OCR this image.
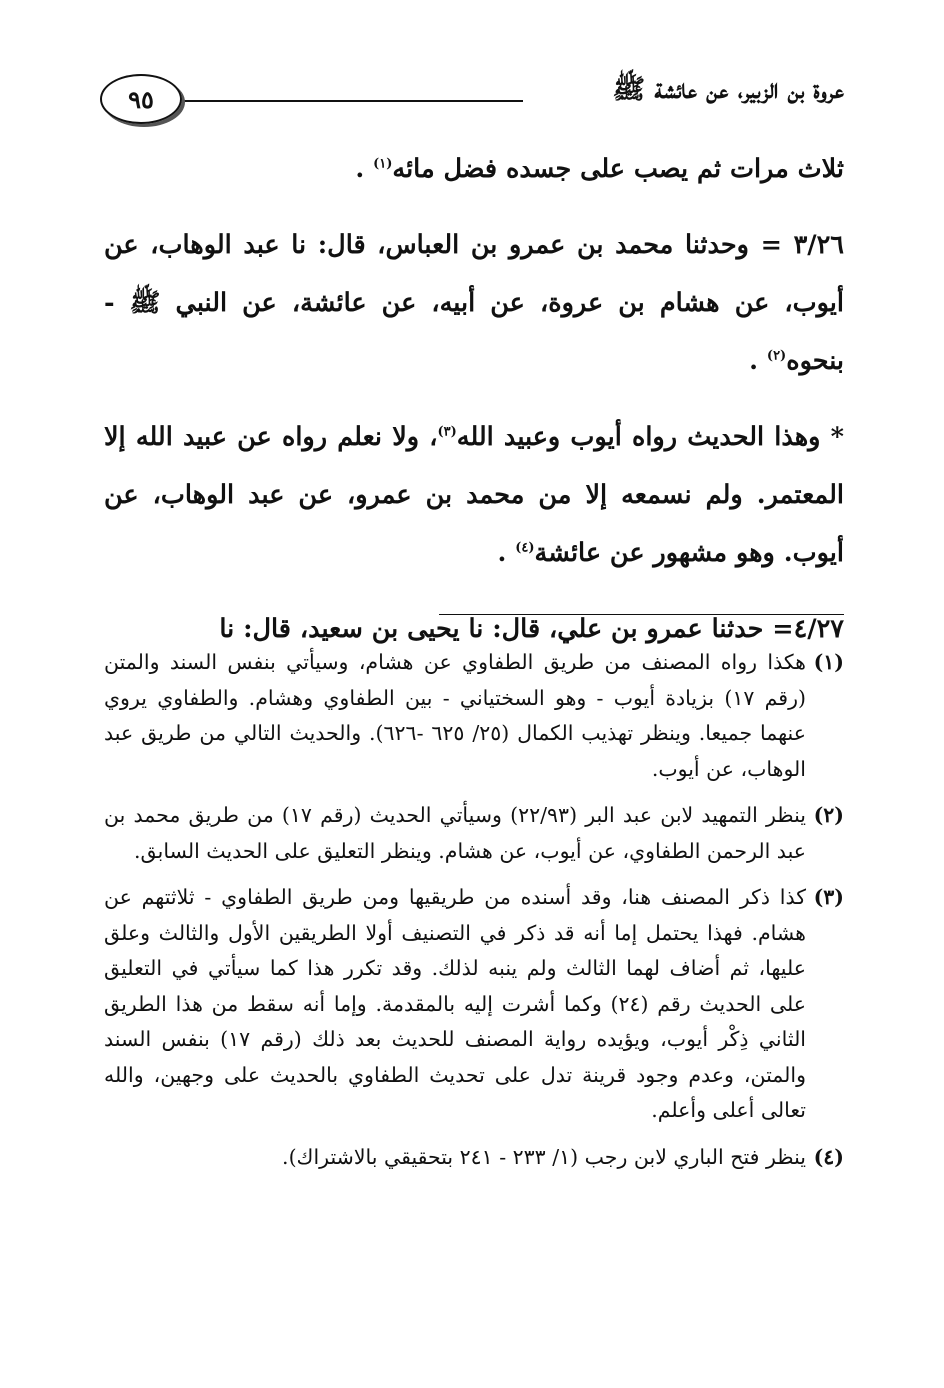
عروة بن الزبير، عن عائشة ﷺ
٩٥

ثلاث مرات ثم يصب على جسده فضل مائه$^{(١)}$ .

٣/٢٦ = وحدثنا محمد بن عمرو بن العباس، قال: نا عبد الوهاب، عن أيوب، عن هشام بن عروة، عن أبيه، عن عائشة، عن النبي ﷺ - بنحوه$^{(٢)}$ .

* وهذا الحديث رواه أيوب وعبيد الله$^{(٣)}$، ولا نعلم رواه عن عبيد الله إلا المعتمر. ولم نسمعه إلا من محمد بن عمرو، عن عبد الوهاب، عن أيوب. وهو مشهور عن عائشة$^{(٤)}$ .

٤/٢٧= حدثنا عمرو بن علي، قال: نا يحيى بن سعيد، قال: نا

(١)

هكذا رواه المصنف من طريق الطفاوي عن هشام، وسيأتي بنفس السند والمتن (رقم ١٧) بزيادة أيوب - وهو السختياني - بين الطفاوي وهشام. والطفاوي يروي عنهما جميعا. وينظر تهذيب الكمال (٢٥/ ٦٢٥ -٦٢٦). والحديث التالي من طريق عبد الوهاب، عن أيوب.

(٢)

ينظر التمهيد لابن عبد البر (٢٢/٩٣) وسيأتي الحديث (رقم ١٧) من طريق محمد بن عبد الرحمن الطفاوي، عن أيوب، عن هشام. وينظر التعليق على الحديث السابق.

(٣)

كذا ذكر المصنف هنا، وقد أسنده من طريقيها ومن طريق الطفاوي - ثلاثتهم عن هشام. فهذا يحتمل إما أنه قد ذكر في التصنيف أولا الطريقين الأول والثالث وعلق عليها، ثم أضاف لهما الثالث ولم ينبه لذلك. وقد تكرر هذا كما سيأتي في التعليق على الحديث رقم (٢٤) وكما أشرت إليه بالمقدمة. وإما أنه سقط من هذا الطريق الثاني ذِكْر أيوب، ويؤيده رواية المصنف للحديث بعد ذلك (رقم ١٧) بنفس السند والمتن، وعدم وجود قرينة تدل على تحديث الطفاوي بالحديث على وجهين، والله تعالى أعلى وأعلم.

(٤)

ينظر فتح الباري لابن رجب (١/ ٢٣٣ - ٢٤١ بتحقيقي بالاشتراك).
